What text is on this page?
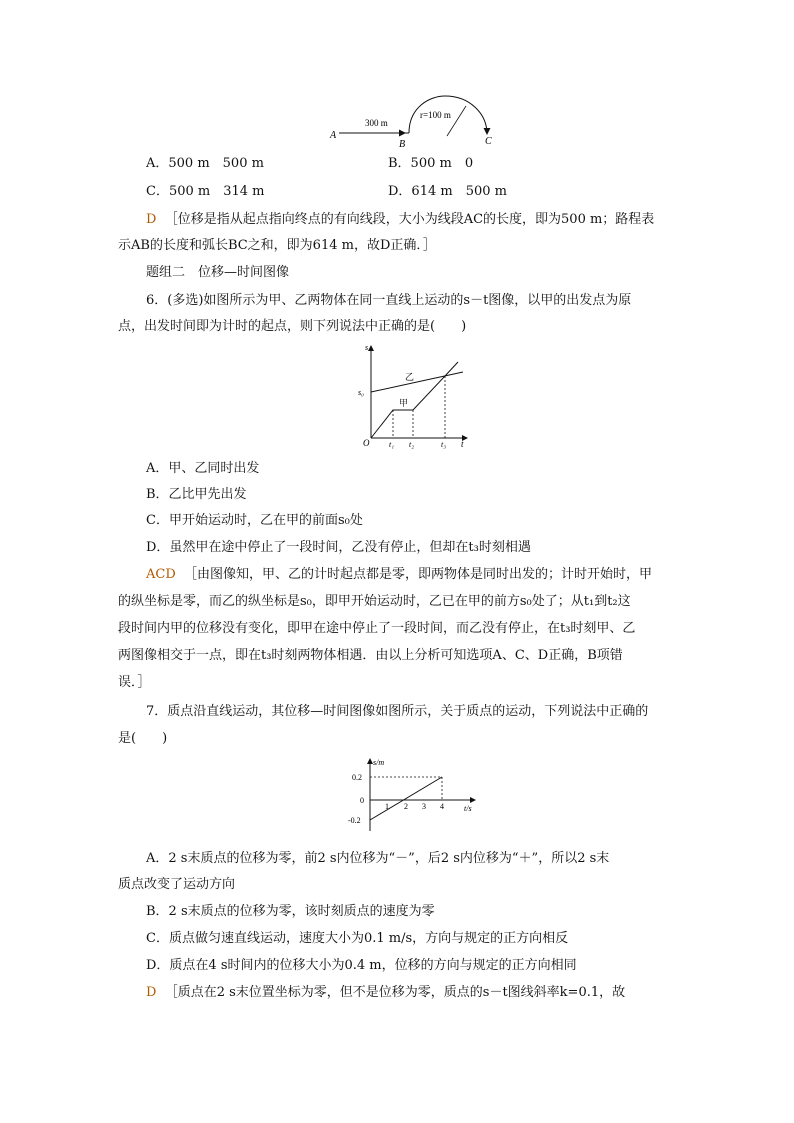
A
300 m
B
r=100 m
C
A．500 m　500 m	B．500 m　0
C．500 m　314 m	D．614 m　500 m
D ［位移是指从起点指向终点的有向线段，大小为线段AC的长度，即为500 m；路程表
示AB的长度和弧长BC之和，即为614 m，故D正确．］
题组二　位移—时间图像
6．(多选)如图所示为甲、乙两物体在同一直线上运动的s－t图像，以甲的出发点为原
点，出发时间即为计时的起点，则下列说法中正确的是(　　)
s
s₀
O t₁ t₂	t₃ t
甲
乙
A．甲、乙同时出发
B．乙比甲先出发
C．甲开始运动时，乙在甲的前面s₀处
D．虽然甲在途中停止了一段时间，乙没有停止，但却在t₃时刻相遇
ACD ［由图像知，甲、乙的计时起点都是零，即两物体是同时出发的；计时开始时，甲
的纵坐标是零，而乙的纵坐标是s₀，即甲开始运动时，乙已在甲的前方s₀处了；从t₁到t₂这
段时间内甲的位移没有变化，即甲在途中停止了一段时间，而乙没有停止，在t₃时刻甲、乙
两图像相交于一点，即在t₃时刻两物体相遇．由以上分析可知选项A、C、D正确，B项错
误．］
7．质点沿直线运动，其位移—时间图像如图所示，关于质点的运动，下列说法中正确的
是(　　)
s/m
0.2
0
-0.2
1 2 3 4	t/s
A．2 s末质点的位移为零，前2 s内位移为“－”，后2 s内位移为“＋”，所以2 s末
质点改变了运动方向
B．2 s末质点的位移为零，该时刻质点的速度为零
C．质点做匀速直线运动，速度大小为0.1 m/s，方向与规定的正方向相反
D．质点在4 s时间内的位移大小为0.4 m，位移的方向与规定的正方向相同
D ［质点在2 s末位置坐标为零，但不是位移为零，质点的s－t图线斜率k=0.1，故
